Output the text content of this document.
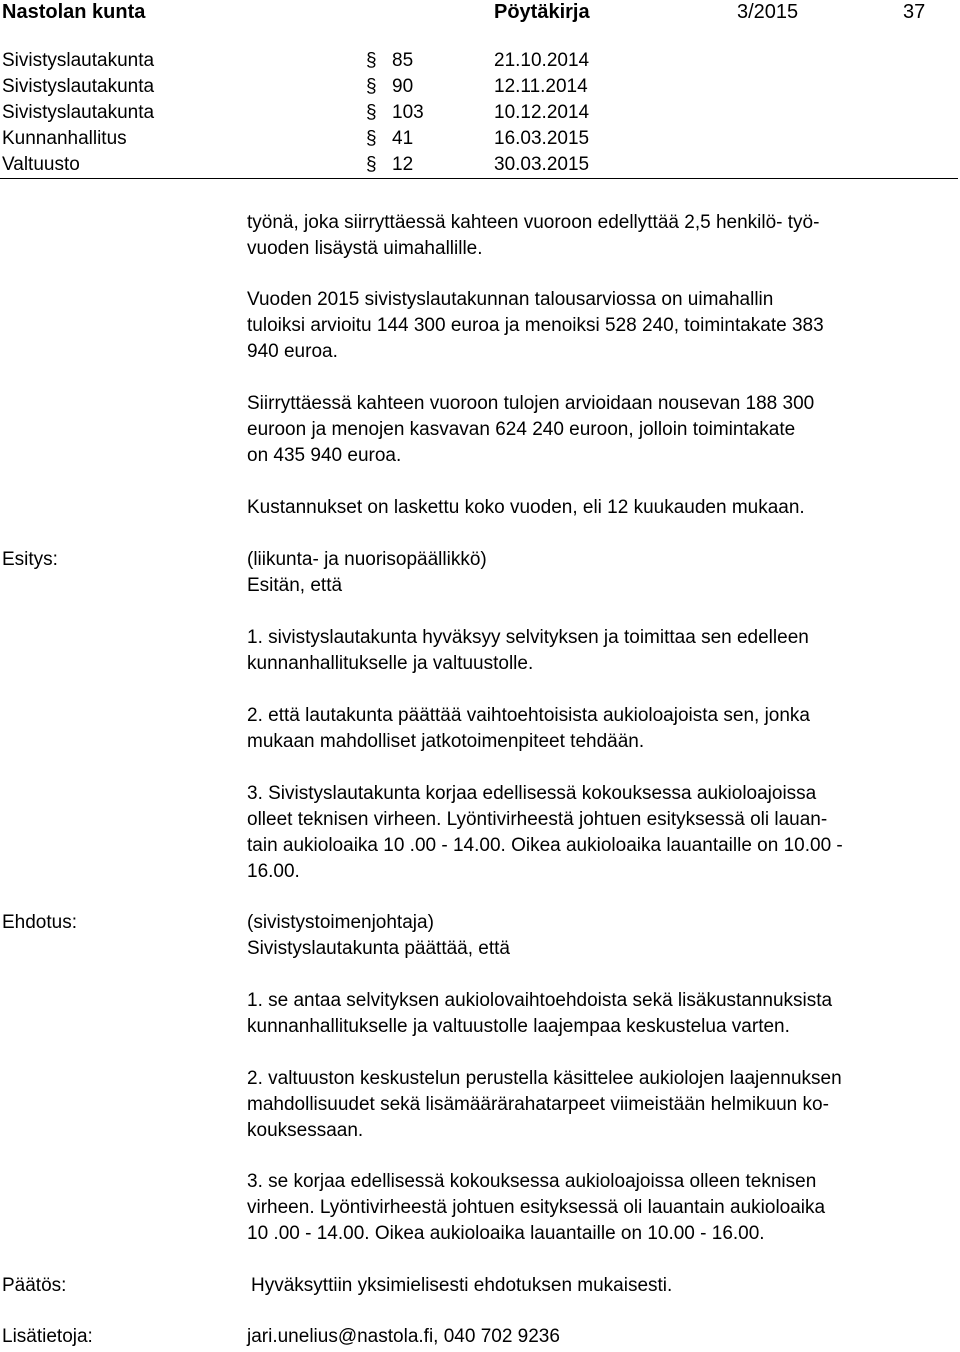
Nastolan kunta	Pöytäkirja	3/2015	37
Sivistyslautakunta	§ 85	21.10.2014
Sivistyslautakunta	§ 90	12.11.2014
Sivistyslautakunta	§ 103	10.12.2014
Kunnanhallitus	§ 41	16.03.2015
Valtuusto	§ 12	30.03.2015
työnä, joka siirryttäessä kahteen vuoroon edellyttää 2,5 henkilö- työ-
vuoden lisäystä uimahallille.
Vuoden 2015 sivistyslautakunnan talousarviossa on uimahallin
tuloiksi arvioitu 144 300 euroa ja menoiksi 528 240, toimintakate 383
940 euroa.
Siirryttäessä kahteen vuoroon tulojen arvioidaan nousevan 188 300
euroon ja menojen kasvavan 624 240 euroon, jolloin toimintakate
on 435 940 euroa.
Kustannukset on laskettu koko vuoden, eli 12 kuukauden mukaan.
Esitys:	(liikunta- ja nuorisopäällikkö)
Esitän, että
1. sivistyslautakunta hyväksyy selvityksen ja toimittaa sen edelleen
kunnanhallitukselle ja valtuustolle.
2. että lautakunta päättää vaihtoehtoisista aukioloajoista sen, jonka
mukaan mahdolliset jatkotoimenpiteet tehdään.
3. Sivistyslautakunta korjaa edellisessä kokouksessa aukioloajoissa
olleet teknisen virheen. Lyöntivirheestä johtuen esityksessä oli lauan-
tain aukioloaika 10 .00 - 14.00. Oikea aukioloaika lauantaille on 10.00 -
16.00.
Ehdotus:	(sivistystoimenjohtaja)
Sivistyslautakunta päättää, että
1. se antaa selvityksen aukiolovaihtoehdoista sekä lisäkustannuksista
kunnanhallitukselle ja valtuustolle laajempaa keskustelua varten.
2. valtuuston keskustelun perustella käsittelee aukiolojen laajennuksen
mahdollisuudet sekä lisämäärärahatarpeet viimeistään helmikuun ko-
kouksessaan.
3. se korjaa edellisessä kokouksessa aukioloajoissa olleen teknisen
virheen. Lyöntivirheestä johtuen esityksessä oli lauantain aukioloaika
10 .00 - 14.00. Oikea aukioloaika lauantaille on 10.00 - 16.00.
Päätös:	Hyväksyttiin yksimielisesti ehdotuksen mukaisesti.
Lisätietoja:	jari.unelius@nastola.fi, 040 702 9236
